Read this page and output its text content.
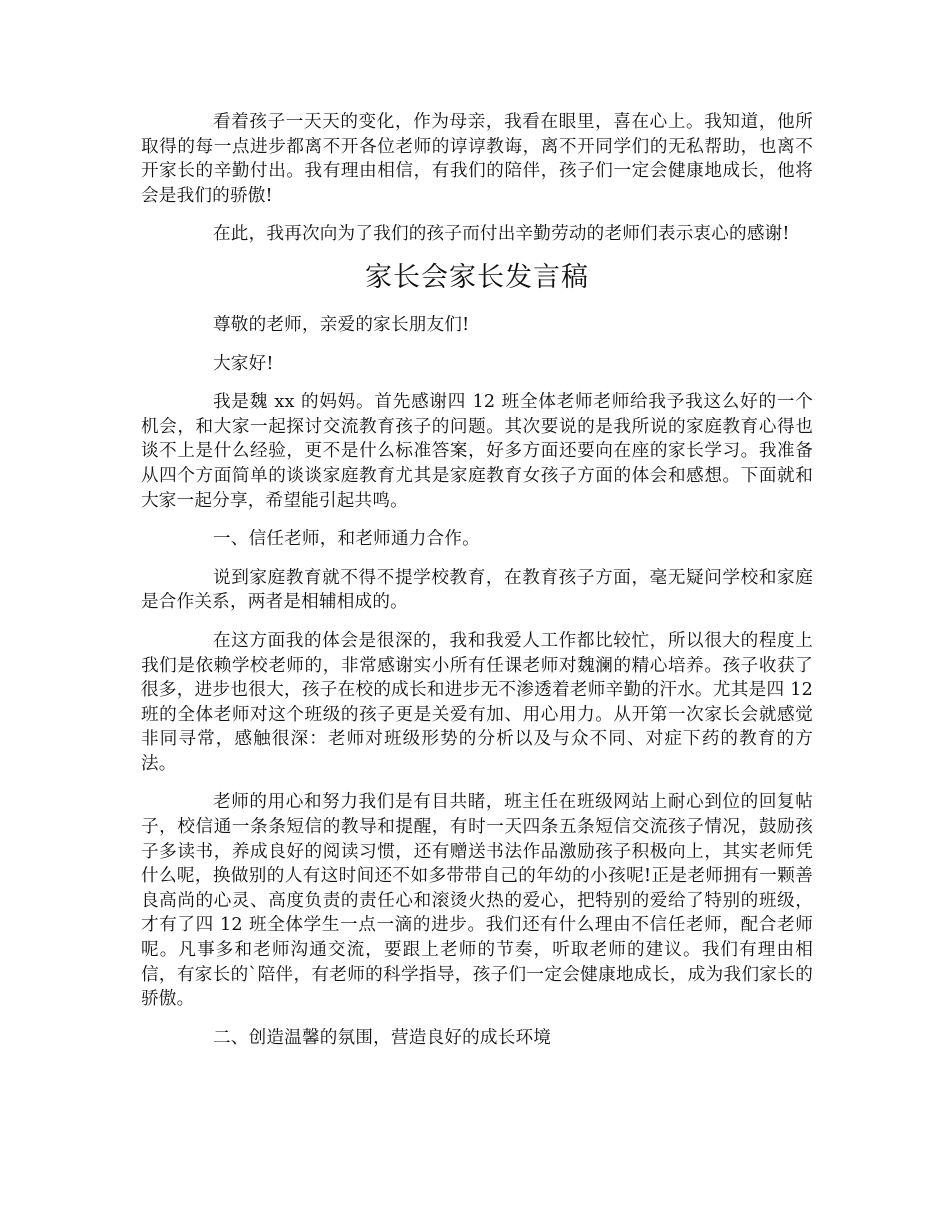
看着孩子一天天的变化，作为母亲，我看在眼里，喜在心上。我知道，他所取得的每一点进步都离不开各位老师的谆谆教诲，离不开同学们的无私帮助，也离不开家长的辛勤付出。我有理由相信，有我们的陪伴，孩子们一定会健康地成长，他将会是我们的骄傲!

在此，我再次向为了我们的孩子而付出辛勤劳动的老师们表示衷心的感谢!

家长会家长发言稿

尊敬的老师，亲爱的家长朋友们!

大家好!

我是魏 xx 的妈妈。首先感谢四 12 班全体老师老师给我予我这么好的一个机会，和大家一起探讨交流教育孩子的问题。其次要说的是我所说的家庭教育心得也谈不上是什么经验，更不是什么标准答案，好多方面还要向在座的家长学习。我准备从四个方面简单的谈谈家庭教育尤其是家庭教育女孩子方面的体会和感想。下面就和大家一起分享，希望能引起共鸣。

一、信任老师，和老师通力合作。

说到家庭教育就不得不提学校教育，在教育孩子方面，毫无疑问学校和家庭是合作关系，两者是相辅相成的。

在这方面我的体会是很深的，我和我爱人工作都比较忙，所以很大的程度上我们是依赖学校老师的，非常感谢实小所有任课老师对魏澜的精心培养。孩子收获了很多，进步也很大，孩子在校的成长和进步无不渗透着老师辛勤的汗水。尤其是四 12 班的全体老师对这个班级的孩子更是关爱有加、用心用力。从开第一次家长会就感觉非同寻常，感触很深：老师对班级形势的分析以及与众不同、对症下药的教育的方法。

老师的用心和努力我们是有目共睹，班主任在班级网站上耐心到位的回复帖子，校信通一条条短信的教导和提醒，有时一天四条五条短信交流孩子情况，鼓励孩子多读书，养成良好的阅读习惯，还有赠送书法作品激励孩子积极向上，其实老师凭什么呢，换做别的人有这时间还不如多带带自己的年幼的小孩呢!正是老师拥有一颗善良高尚的心灵、高度负责的责任心和滚烫火热的爱心，把特别的爱给了特别的班级，才有了四 12 班全体学生一点一滴的进步。我们还有什么理由不信任老师，配合老师呢。凡事多和老师沟通交流，要跟上老师的节奏，听取老师的建议。我们有理由相信，有家长的`陪伴，有老师的科学指导，孩子们一定会健康地成长，成为我们家长的骄傲。

二、创造温馨的氛围，营造良好的成长环境
